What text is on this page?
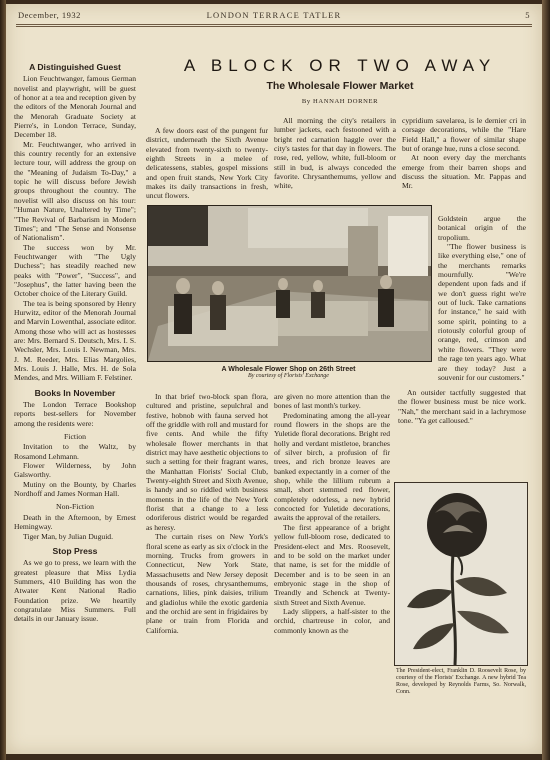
December, 1932	LONDON TERRACE TATLER	5
A Distinguished Guest

Lion Feuchtwanger, famous German novelist and playwright, will be guest of honor at a tea and reception given by the editors of the Menorah Journal and the Menorah Graduate Society at Pierre's, in London Terrace, Sunday, December 18.

Mr. Feuchtwanger, who arrived in this country recently for an extensive lecture tour, will address the group on the "Meaning of Judaism To-Day," a topic he will discuss before Jewish groups throughout the country. The novelist will also discuss on his tour: "Human Nature, Unaltered by Time"; "The Revival of Barbarism in Modern Times"; and "The Sense and Nonsense of Nationalism".

The success won by Mr. Feuchtwanger with "The Ugly Duchess"; has steadily reached new peaks with "Power", "Success", and "Josephus", the latter having been the October choice of the Literary Guild.

The tea is being sponsored by Henry Hurwitz, editor of the Menorah Journal and Marvin Lowenthal, associate editor. Among those who will act as hostesses are: Mrs. Bernard S. Deutsch, Mrs. I. S. Wechsler, Mrs. Louis I. Newman, Mrs. J. M. Reeder, Mrs. Elias Margolies, Mrs. Louis J. Halle, Mrs. H. de Sola Mendes, and Mrs. William F. Felstiner.

Books In November

The London Terrace Bookshop reports best-sellers for November among the residents were:

Fiction

Invitation to the Waltz, by Rosamond Lehmann.

Flower Wilderness, by John Galsworthy.

Mutiny on the Bounty, by Charles Nordhoff and James Norman Hall.

Non-Fiction

Death in the Afternoon, by Ernest Hemingway.

Tiger Man, by Julian Duguid.

Stop Press

As we go to press, we learn with the greatest pleasure that Miss Lydia Summers, 410 Building has won the Atwater Kent National Radio Foundation prize. We heartily congratulate Miss Summers. Full details in our January issue.

A BLOCK OR TWO AWAY
The Wholesale Flower Market
By HANNAH DORNER

A few doors east of the pungent fur district, underneath the Sixth Avenue elevated from twenty-sixth to twenty-eighth Streets in a melee of delicatessens, stables, gospel missions and open fruit stands, New York City makes its daily transactions in fresh, uncut flowers.

All morning the city's retailers in lumber jackets, each festooned with a bright red carnation haggle over the city's tastes for that day in flowers. The rose, red, yellow, white, full-bloom or still in bud, is always conceded the favorite. Chrysanthemums, yellow and white,

cypridium savelarea, is le dernier cri in corsage decorations, while the "Hare Field Hall," a flower of similar shape but of orange hue, runs a close second.

At noon every day the merchants emerge from their barren shops and discuss the situation. Mr. Pappas and Mr.

Goldstein argue the botanical origin of the tropolium.

"The flower business is like everything else," one of the merchants remarks mournfully. "We're dependent upon fads and if we don't guess right we're out of luck. Take carnations for instance," he said with some spirit, pointing to a riotously colorful group of orange, red, crimson and white flowers. "They were the rage ten years ago. What are they today? Just a souvenir for our customers."

An outsider tactfully suggested that the flower business must be nice work. "Nah," the merchant said in a lachrymose tone. "Ya get calloused."

A Wholesale Flower Shop on 26th Street
By courtesy of Florists' Exchange

In that brief two-block span flora, cultured and pristine, sepulchral and festive, hobnob with fauna served hot off the griddle with roll and mustard for five cents. And while the fifty wholesale flower merchants in that district may have aesthetic objections to such a setting for their fragrant wares, the Manhattan Florists' Social Club, Twenty-eighth Street and Sixth Avenue, is handy and so riddled with business moments in the life of the New York florist that a change to a less odoriferous district would be regarded as heresy.

The curtain rises on New York's floral scene as early as six o'clock in the morning. Trucks from growers in Connecticut, New York State, Massachusetts and New Jersey deposit thousands of roses, chrysanthemums, carnations, lilies, pink daisies, trilium and gladiolus while the exotic gardenia and the orchid are sent in frigidaires by plane or train from Florida and California.

are given no more attention than the bones of last month's turkey.

Predominating among the all-year round flowers in the shops are the Yuletide floral decorations. Bright red holly and verdant mistletoe, branches of silver birch, a profusion of fir trees, and rich bronze leaves are banked expectantly in a corner of the shop, while the lillium rubrum a small, short stemmed red flower, completely odorless, a new hybrid concocted for Yuletide decorations, awaits the approval of the retailers.

The first appearance of a bright yellow full-bloom rose, dedicated to President-elect and Mrs. Roosevelt, and to be sold on the market under that name, is set for the middle of December and is to be seen in an embryonic stage in the shop of Treandly and Schenck at Twenty-sixth Street and Sixth Avenue.

Lady slippers, a half-sister to the orchid, chartreuse in color, and commonly known as the

The President-elect, Franklin D. Roosevelt Rose, by courtesy of the Florists' Exchange. A new hybrid Tea Rose, developed by Reynolds Farms, So. Norwalk, Conn.
